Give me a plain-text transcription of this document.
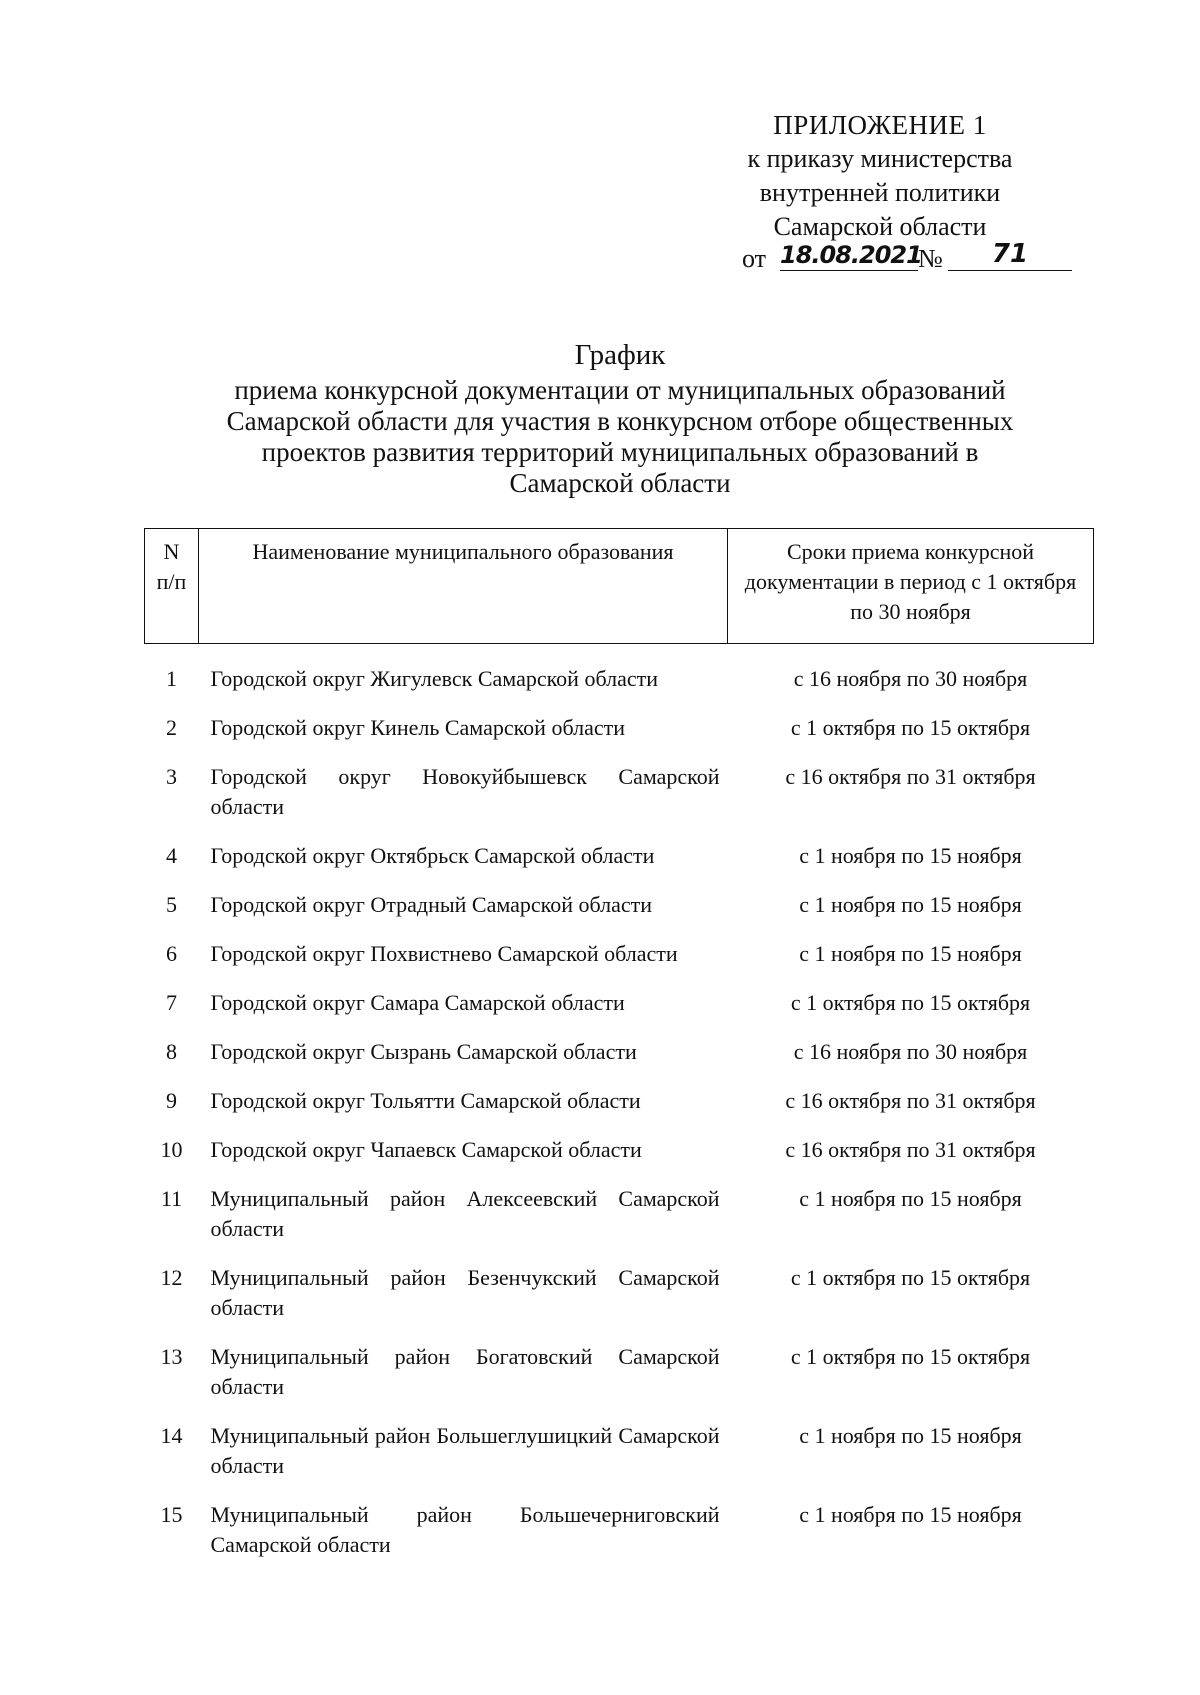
ПРИЛОЖЕНИЕ 1
к приказу министерства
внутренней политики
Самарской области
от 18.08.2021
№	71
График
приема конкурсной документации от муниципальных образований Самарской области для участия в конкурсном отборе общественных проектов развития территорий муниципальных образований в Самарской области
N п/п	Наименование муниципального образования	Сроки приема конкурсной документации в период с 1 октября по 30 ноября
1	Городской округ Жигулевск Самарской области	с 16 ноября по 30 ноября
2	Городской округ Кинель Самарской области	с 1 октября по 15 октября
3	Городской округ Новокуйбышевск Самарской области	с 16 октября по 31 октября
4	Городской округ Октябрьск Самарской области	с 1 ноября по 15 ноября
5	Городской округ Отрадный Самарской области	с 1 ноября по 15 ноября
6	Городской округ Похвистнево Самарской области	с 1 ноября по 15 ноября
7	Городской округ Самара Самарской области	с 1 октября по 15 октября
8	Городской округ Сызрань Самарской области	с 16 ноября по 30 ноября
9	Городской округ Тольятти Самарской области	с 16 октября по 31 октября
10	Городской округ Чапаевск Самарской области	с 16 октября по 31 октября
11	Муниципальный район Алексеевский Самарской области	с 1 ноября по 15 ноября
12	Муниципальный район Безенчукский Самарской области	с 1 октября по 15 октября
13	Муниципальный район Богатовский Самарской области	с 1 октября по 15 октября
14	Муниципальный район Большеглушицкий Самарской области	с 1 ноября по 15 ноября
15	Муниципальный район Большечерниговский Самарской области	с 1 ноября по 15 ноября
